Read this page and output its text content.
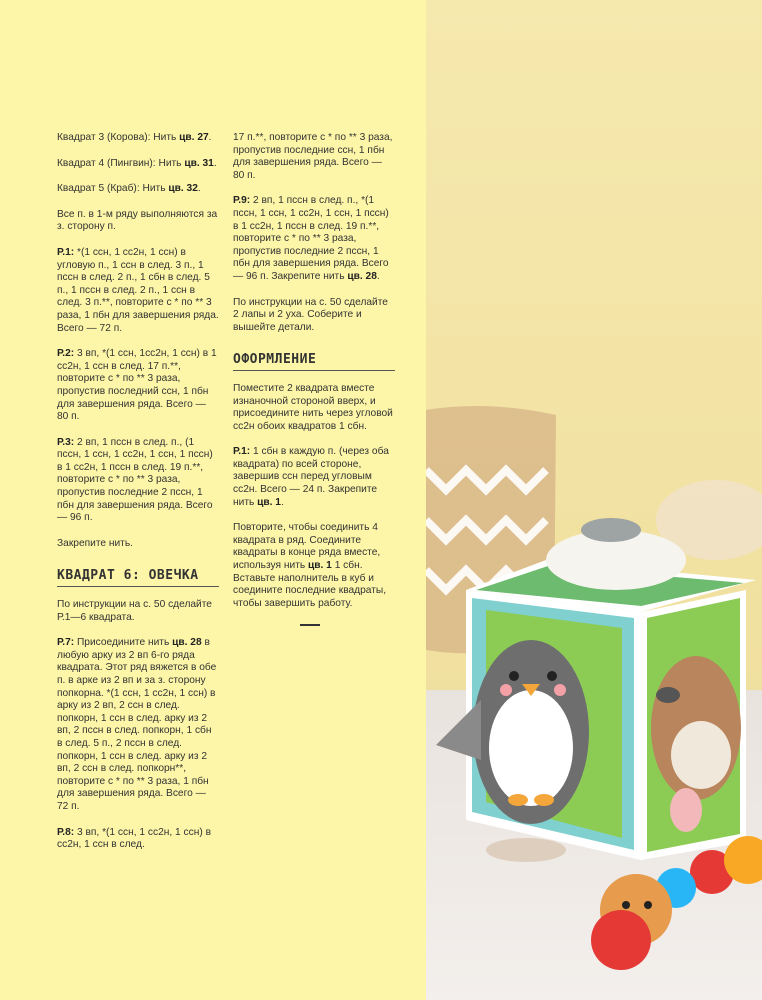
Квадрат 3 (Корова): Нить цв. 27.

Квадрат 4 (Пингвин): Нить цв. 31.

Квадрат 5 (Краб): Нить цв. 32.

Все п. в 1-м ряду выполняются за з. сторону п.

Р.1: *(1 ссн, 1 сс2н, 1 ссн) в угловую п., 1 ссн в след. 3 п., 1 пссн в след. 2 п., 1 сбн в след. 5 п., 1 пссн в след. 2 п., 1 ссн в след. 3 п.**, повторите с * по ** 3 раза, 1 пбн для завершения ряда. Всего — 72 п.

Р.2: 3 вп, *(1 ссн, 1сс2н, 1 ссн) в 1 сс2н, 1 ссн в след. 17 п.**, повторите с * по ** 3 раза, пропустив последний ссн, 1 пбн для завершения ряда. Всего — 80 п.

Р.3: 2 вп, 1 пссн в след. п., (1 пссн, 1 ссн, 1 сс2н, 1 ссн, 1 пссн) в 1 сс2н, 1 пссн в след. 19 п.**, повторите с * по ** 3 раза, пропустив последние 2 пссн, 1 пбн для завершения ряда. Всего — 96 п.

Закрепите нить.

КВАДРАТ 6: ОВЕЧКА

По инструкции на с. 50 сделайте Р.1—6 квадрата.

Р.7: Присоедините нить цв. 28 в любую арку из 2 вп 6-го ряда квадрата. Этот ряд вяжется в обе п. в арке из 2 вп и за з. сторону попкорна. *(1 ссн, 1 сс2н, 1 ссн) в арку из 2 вп, 2 ссн в след. попкорн, 1 ссн в след. арку из 2 вп, 2 пссн в след. попкорн, 1 сбн в след. 5 п., 2 пссн в след. попкорн, 1 ссн в след. арку из 2 вп, 2 ссн в след. попкорн**, повторите с * по ** 3 раза, 1 пбн для завершения ряда. Всего — 72 п.

Р.8: 3 вп, *(1 ссн, 1 сс2н, 1 ссн) в сс2н, 1 ссн в след.

17 п.**, повторите с * по ** 3 раза, пропустив последние ссн, 1 пбн для завершения ряда. Всего — 80 п.

Р.9: 2 вп, 1 пссн в след. п., *(1 пссн, 1 ссн, 1 сс2н, 1 ссн, 1 пссн) в 1 сс2н, 1 пссн в след. 19 п.**, повторите с * по ** 3 раза, пропустив последние 2 пссн, 1 пбн для завершения ряда. Всего — 96 п. Закрепите нить цв. 28.

По инструкции на с. 50 сделайте 2 лапы и 2 уха. Соберите и вышейте детали.

ОФОРМЛЕНИЕ

Поместите 2 квадрата вместе изнаночной стороной вверх, и присоедините нить через угловой сс2н обоих квадратов 1 сбн.

Р.1: 1 сбн в каждую п. (через оба квадрата) по всей стороне, завершив ссн перед угловым сс2н. Всего — 24 п. Закрепите нить цв. 1.

Повторите, чтобы соединить 4 квадрата в ряд. Соедините квадраты в конце ряда вместе, используя нить цв. 1 1 сбн. Вставьте наполнитель в куб и соедините последние квадраты, чтобы завершить работу.
